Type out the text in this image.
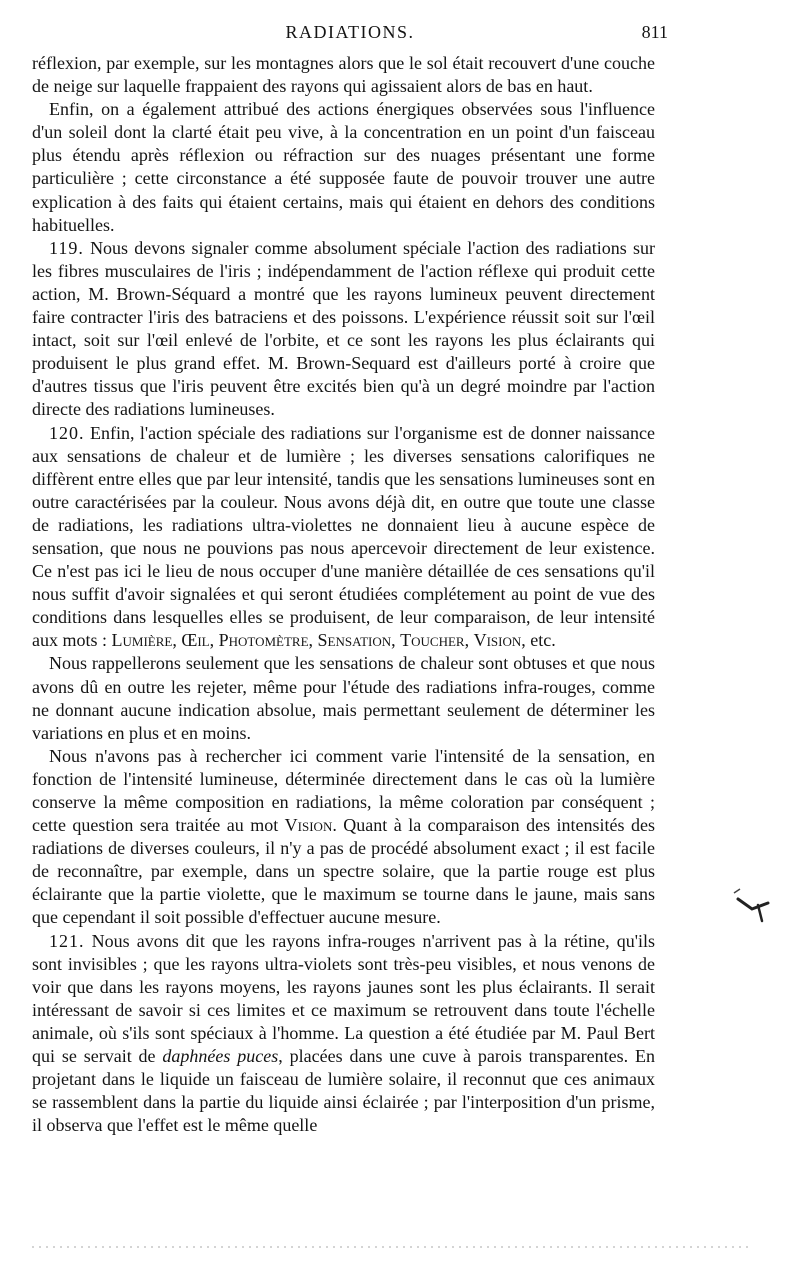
RADIATIONS.	811

réflexion, par exemple, sur les montagnes alors que le sol était recouvert d'une couche de neige sur laquelle frappaient des rayons qui agissaient alors de bas en haut.

Enfin, on a également attribué des actions énergiques observées sous l'influence d'un soleil dont la clarté était peu vive, à la concentration en un point d'un faisceau plus étendu après réflexion ou réfraction sur des nuages présentant une forme particulière ; cette circonstance a été supposée faute de pouvoir trouver une autre explication à des faits qui étaient certains, mais qui étaient en dehors des conditions habituelles.

119. Nous devons signaler comme absolument spéciale l'action des radiations sur les fibres musculaires de l'iris ; indépendamment de l'action réflexe qui produit cette action, M. Brown-Séquard a montré que les rayons lumineux peuvent directement faire contracter l'iris des batraciens et des poissons. L'expérience réussit soit sur l'œil intact, soit sur l'œil enlevé de l'orbite, et ce sont les rayons les plus éclairants qui produisent le plus grand effet. M. Brown-Sequard est d'ailleurs porté à croire que d'autres tissus que l'iris peuvent être excités bien qu'à un degré moindre par l'action directe des radiations lumineuses.

120. Enfin, l'action spéciale des radiations sur l'organisme est de donner naissance aux sensations de chaleur et de lumière ; les diverses sensations calorifiques ne diffèrent entre elles que par leur intensité, tandis que les sensations lumineuses sont en outre caractérisées par la couleur. Nous avons déjà dit, en outre que toute une classe de radiations, les radiations ultra-violettes ne donnaient lieu à aucune espèce de sensation, que nous ne pouvions pas nous apercevoir directement de leur existence. Ce n'est pas ici le lieu de nous occuper d'une manière détaillée de ces sensations qu'il nous suffit d'avoir signalées et qui seront étudiées complétement au point de vue des conditions dans lesquelles elles se produisent, de leur comparaison, de leur intensité aux mots : Lumière, Œil, Photomètre, Sensation, Toucher, Vision, etc.

Nous rappellerons seulement que les sensations de chaleur sont obtuses et que nous avons dû en outre les rejeter, même pour l'étude des radiations infra-rouges, comme ne donnant aucune indication absolue, mais permettant seulement de déterminer les variations en plus et en moins.

Nous n'avons pas à rechercher ici comment varie l'intensité de la sensation, en fonction de l'intensité lumineuse, déterminée directement dans le cas où la lumière conserve la même composition en radiations, la même coloration par conséquent ; cette question sera traitée au mot Vision. Quant à la comparaison des intensités des radiations de diverses couleurs, il n'y a pas de procédé absolument exact ; il est facile de reconnaître, par exemple, dans un spectre solaire, que la partie rouge est plus éclairante que la partie violette, que le maximum se tourne dans le jaune, mais sans que cependant il soit possible d'effectuer aucune mesure.

121. Nous avons dit que les rayons infra-rouges n'arrivent pas à la rétine, qu'ils sont invisibles ; que les rayons ultra-violets sont très-peu visibles, et nous venons de voir que dans les rayons moyens, les rayons jaunes sont les plus éclairants. Il serait intéressant de savoir si ces limites et ce maximum se retrouvent dans toute l'échelle animale, où s'ils sont spéciaux à l'homme. La question a été étudiée par M. Paul Bert qui se servait de daphnées puces, placées dans une cuve à parois transparentes. En projetant dans le liquide un faisceau de lumière solaire, il reconnut que ces animaux se rassemblent dans la partie du liquide ainsi éclairée ; par l'interposition d'un prisme, il observa que l'effet est le même quelle
